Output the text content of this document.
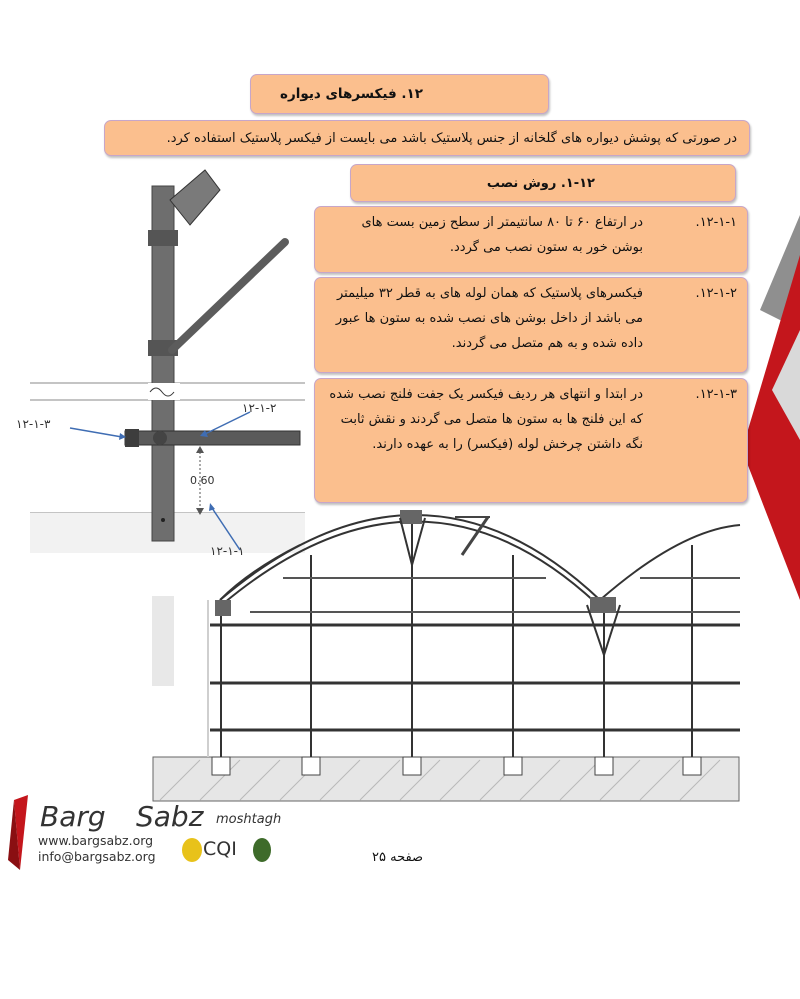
۱۲-۱-۳
۱۲-۱-۲
۱۲-۱-۱
0.60
۱۲. فیکسرهای دیواره
در صورتی که پوشش دیواره های گلخانه از جنس پلاستیک باشد می بایست از فیکسر پلاستیک استفاده کرد.
۱-۱۲. روش نصب
۱۲-۱-۱.
در ارتفاع ۶۰ تا ۸۰ سانتیمتر از سطح زمین بست های بوشن خور به ستون نصب می گردد.
۱۲-۱-۲.
فیکسرهای پلاستیک که همان لوله های به قطر ۳۲ میلیمتر می باشد از داخل بوشن های نصب شده به ستون ها عبور داده شده و به هم متصل می گردند.
۱۲-۱-۳.
در ابتدا و انتهای هر ردیف فیکسر یک جفت فلنج نصب شده که این فلنج ها به ستون ها متصل می گردند و نقش ثابت نگه داشتن چرخش لوله (فیکسر) را به عهده دارند.
Barg Sabz moshtagh
www.bargsabz.org
info@bargsabz.org CQI	صفحه ۲۵
